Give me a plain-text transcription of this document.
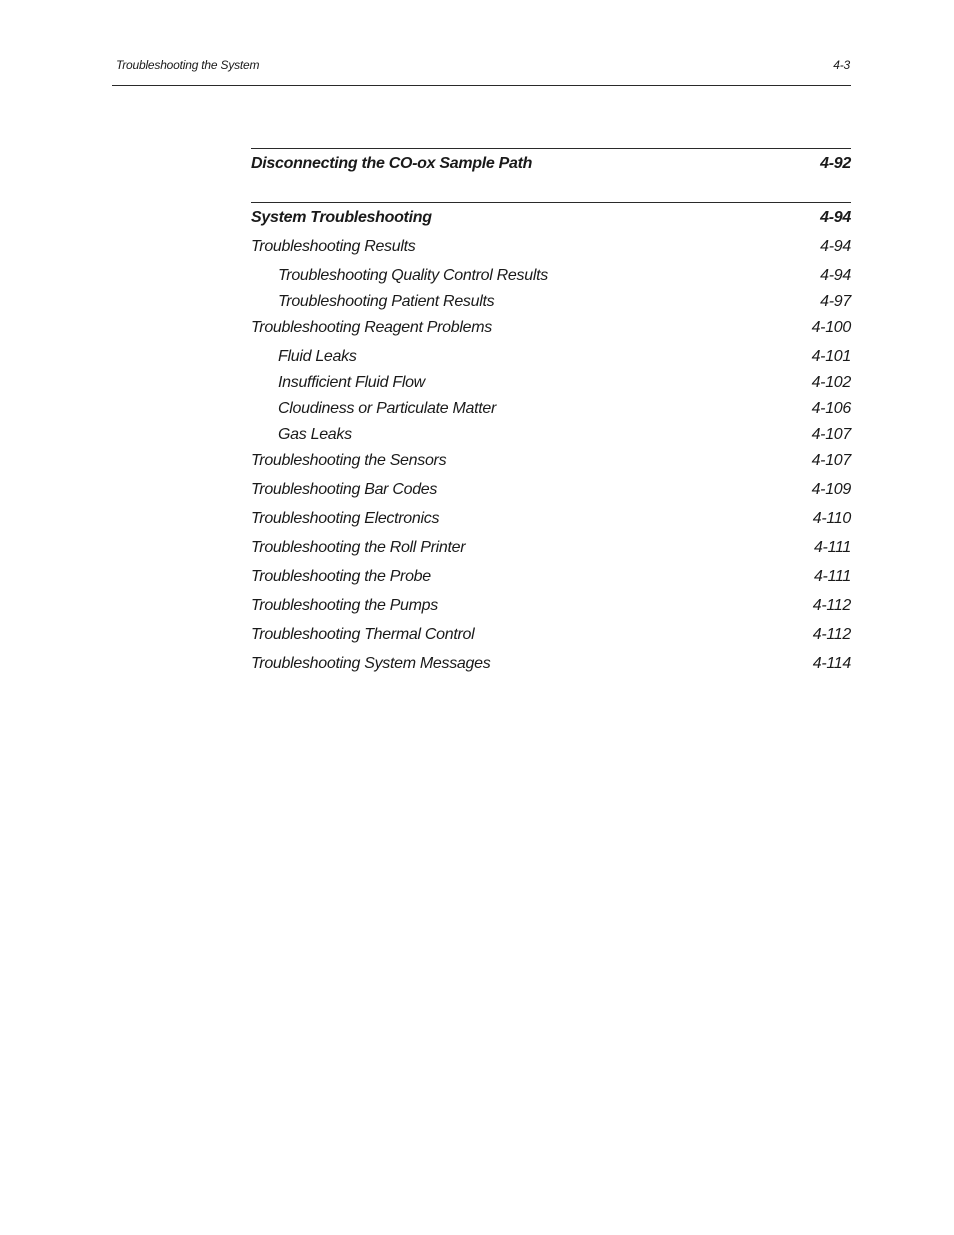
Troubleshooting the System	4-3
Disconnecting the CO-ox Sample Path	4-92
System Troubleshooting	4-94
Troubleshooting Results	4-94
Troubleshooting Quality Control Results	4-94
Troubleshooting Patient Results	4-97
Troubleshooting Reagent Problems	4-100
Fluid Leaks	4-101
Insufficient Fluid Flow	4-102
Cloudiness or Particulate Matter	4-106
Gas Leaks	4-107
Troubleshooting the Sensors	4-107
Troubleshooting Bar Codes	4-109
Troubleshooting Electronics	4-110
Troubleshooting the Roll Printer	4-111
Troubleshooting the Probe	4-111
Troubleshooting the Pumps	4-112
Troubleshooting Thermal Control	4-112
Troubleshooting System Messages	4-114
